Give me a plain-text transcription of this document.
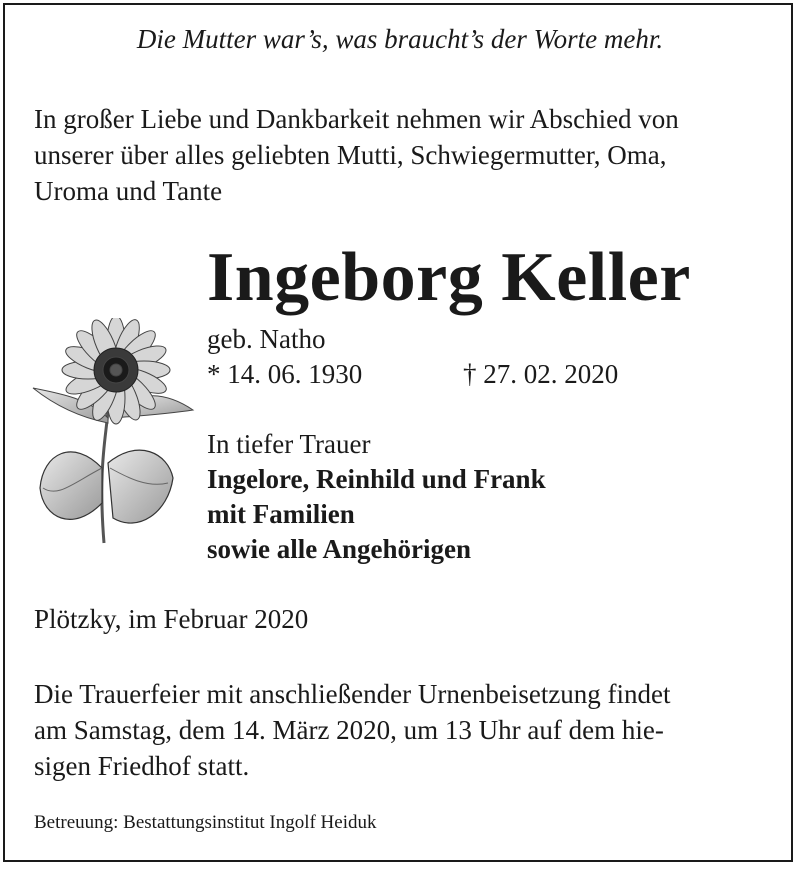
Die Mutter war’s, was braucht’s der Worte mehr.
In großer Liebe und Dankbarkeit nehmen wir Abschied von
unserer über alles geliebten Mutti, Schwiegermutter, Oma,
Uroma und Tante
Ingeborg Keller
geb. Natho
* 14. 06. 1930	† 27. 02. 2020
In tiefer Trauer
Ingelore, Reinhild und Frank
mit Familien
sowie alle Angehörigen
Plötzky, im Februar 2020
Die Trauerfeier mit anschließender Urnenbeisetzung findet
am Samstag, dem 14. März 2020, um 13 Uhr auf dem hie-
sigen Friedhof statt.
Betreuung: Bestattungsinstitut Ingolf Heiduk
